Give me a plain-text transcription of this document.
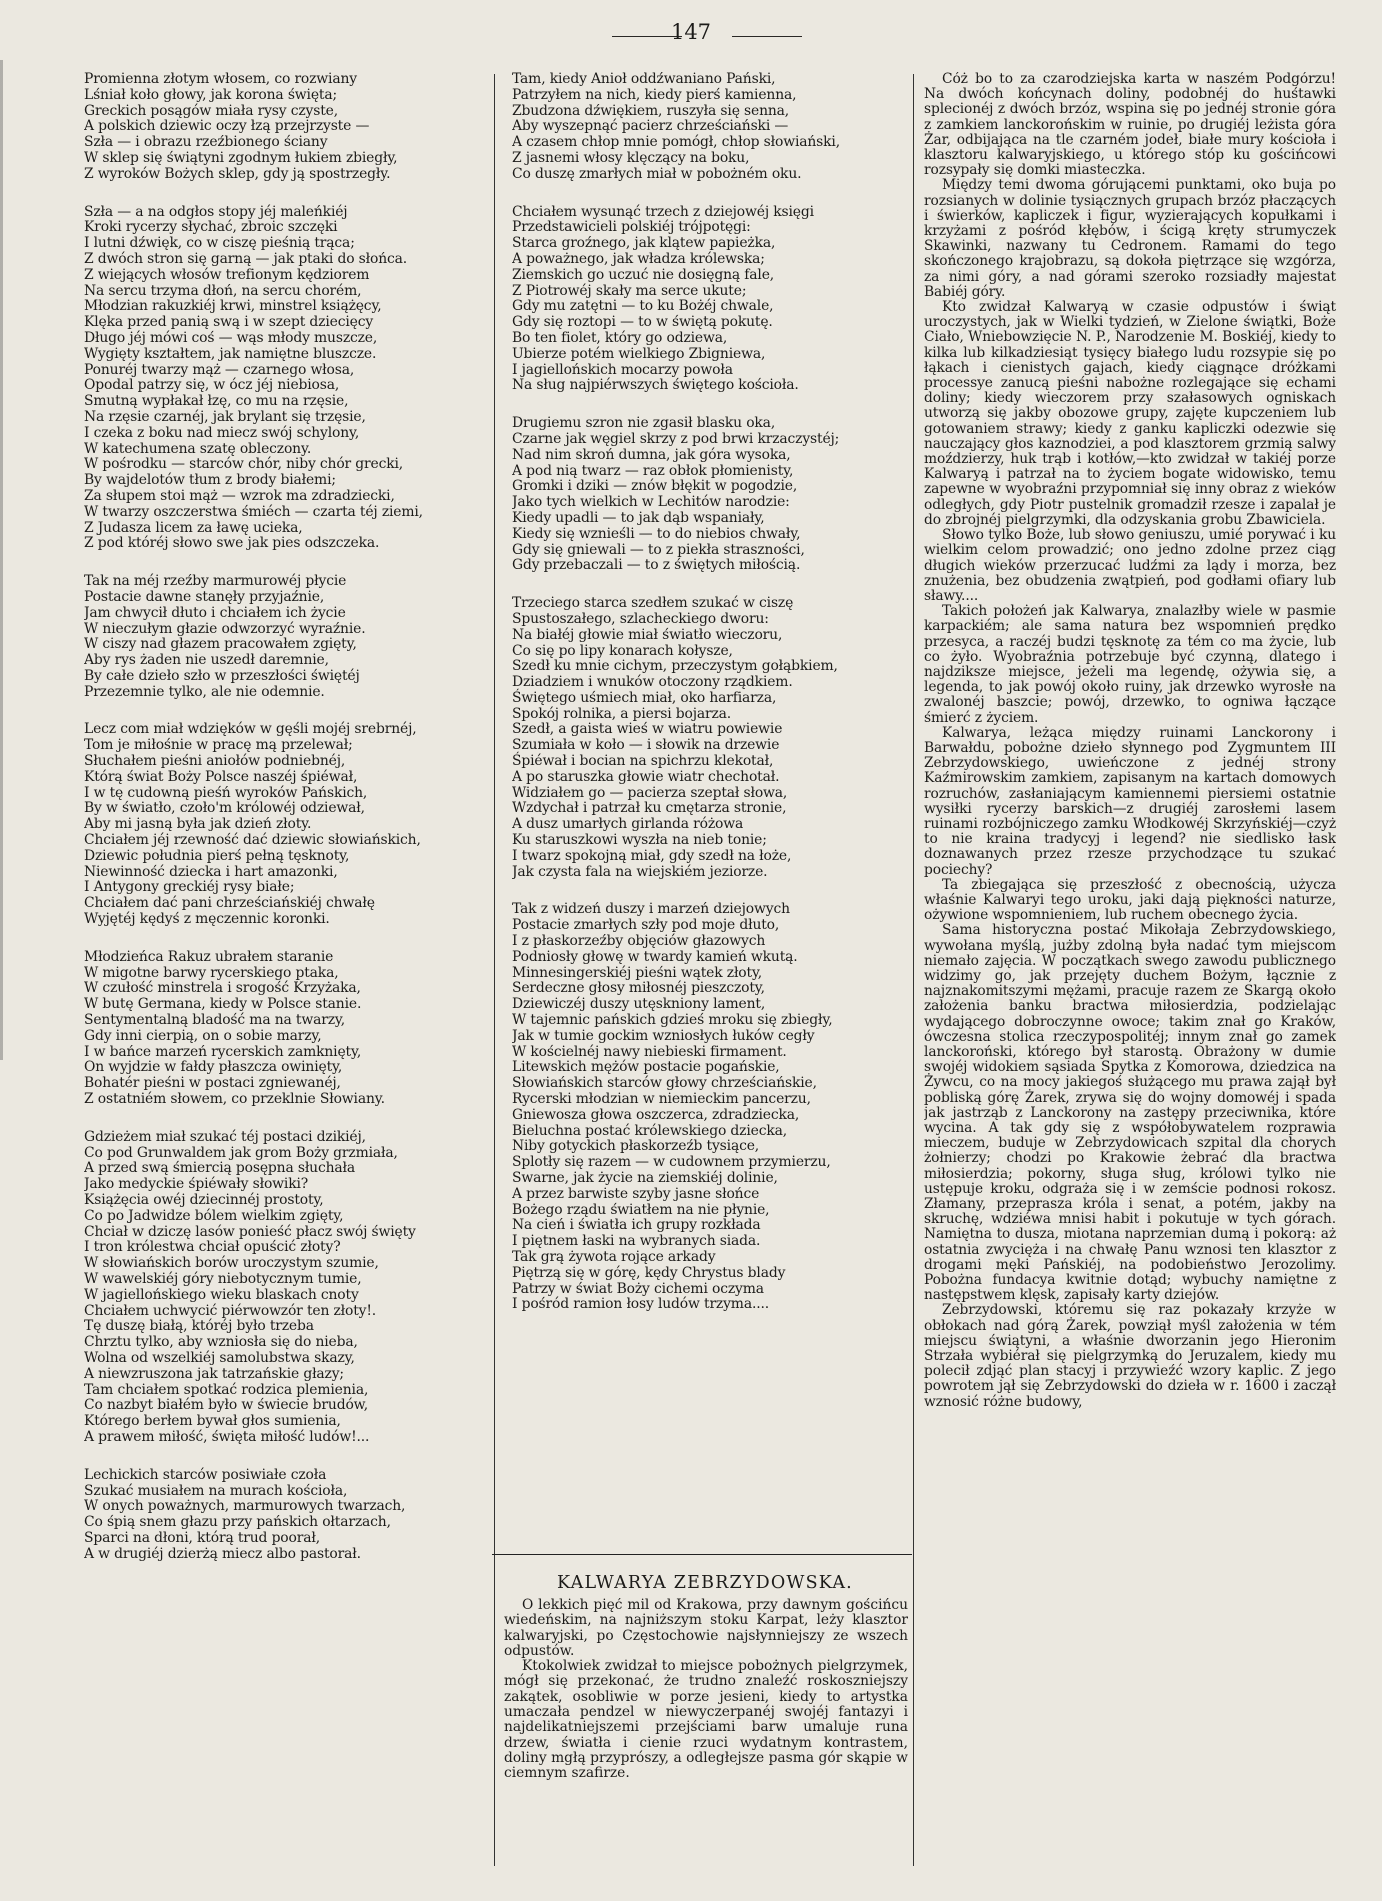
147
Promienna złotym włosem, co rozwiany
Lśniał koło głowy, jak korona święta;
Greckich posągów miała rysy czyste,
A polskich dziewic oczy łzą przejrzyste —
Szła — i obrazu rzeźbionego ściany
W sklep się świątyni zgodnym łukiem zbiegły,
Z wyroków Bożych sklep, gdy ją spostrzegły.
Szła — a na odgłos stopy jéj maleńkiéj
Kroki rycerzy słychać, zbroic szczęki
I lutni dźwięk, co w ciszę pieśnią trąca;
Z dwóch stron się garną — jak ptaki do słońca.
Z wiejących włosów trefionym kędziorem
Na sercu trzyma dłoń, na sercu chorém,
Młodzian rakuzkiéj krwi, minstrel książęcy,
Klęka przed panią swą i w szept dziecięcy
Długo jéj mówi coś — wąs młody muszcze,
Wygięty kształtem, jak namiętne bluszcze.
Ponuréj twarzy mąż — czarnego włosa,
Opodal patrzy się, w ócz jéj niebiosa,
Smutną wypłakał łzę, co mu na rzęsie,
Na rzęsie czarnéj, jak brylant się trzęsie,
I czeka z boku nad miecz swój schylony,
W katechumena szatę obleczony.
W pośrodku — starców chór, niby chór grecki,
By wajdelotów tłum z brody białemi;
Za słupem stoi mąż — wzrok ma zdradziecki,
W twarzy oszczerstwa śmiéch — czarta téj ziemi,
Z Judasza licem za ławę ucieka,
Z pod któréj słowo swe jak pies odszczeka.
Tak na méj rzeźby marmurowéj płycie
Postacie dawne stanęły przyjaźnie,
Jam chwycił dłuto i chciałem ich życie
W nieczułym głazie odwzorzyć wyraźnie.
W ciszy nad głazem pracowałem zgięty,
Aby rys żaden nie uszedł daremnie,
By całe dzieło szło w przeszłości świętéj
Przezemnie tylko, ale nie odemnie.
Lecz com miał wdzięków w gęśli mojéj srebrnéj,
Tom je miłośnie w pracę mą przelewał;
Słuchałem pieśni aniołów podniebnéj,
Którą świat Boży Polsce naszéj śpiéwał,
I w tę cudowną pieśń wyroków Pańskich,
By w światło, czoło'm królowéj odziewał,
Aby mi jasną była jak dzień złoty.
Chciałem jéj rzewność dać dziewic słowiańskich,
Dziewic południa pierś pełną tęsknoty,
Niewinność dziecka i hart amazonki,
I Antygony greckiéj rysy białe;
Chciałem dać pani chrześciańskiéj chwałę
Wyjętéj kędyś z męczennic koronki.
Młodzieńca Rakuz ubrałem staranie
W migotne barwy rycerskiego ptaka,
W czułość minstrela i srogość Krzyżaka,
W butę Germana, kiedy w Polsce stanie.
Sentymentalną bladość ma na twarzy,
Gdy inni cierpią, on o sobie marzy,
I w bańce marzeń rycerskich zamknięty,
On wyjdzie w fałdy płaszcza owinięty,
Bohatér pieśni w postaci zgniewanéj,
Z ostatniém słowem, co przeklnie Słowiany.
Gdzieżem miał szukać téj postaci dzikiéj,
Co pod Grunwaldem jak grom Boży grzmiała,
A przed swą śmiercią posępna słuchała
Jako medyckie śpiéwały słowiki?
Książęcia owéj dziecinnéj prostoty,
Co po Jadwidze bólem wielkim zgięty,
Chciał w dziczę lasów ponieść płacz swój święty
I tron królestwa chciał opuścić złoty?
W słowiańskich borów uroczystym szumie,
W wawelskiéj góry niebotycznym tumie,
W jagiellońskiego wieku blaskach cnoty
Chciałem uchwycić piérwowzór ten złoty!.
Tę duszę białą, któréj było trzeba
Chrztu tylko, aby wzniosła się do nieba,
Wolna od wszelkiéj samolubstwa skazy,
A niewzruszona jak tatrzańskie głazy;
Tam chciałem spotkać rodzica plemienia,
Co nazbyt białém było w świecie brudów,
Którego berłem bywał głos sumienia,
A prawem miłość, święta miłość ludów!...
Lechickich starców posiwiałe czoła
Szukać musiałem na murach kościoła,
W onych poważnych, marmurowych twarzach,
Co śpią snem głazu przy pańskich ołtarzach,
Sparci na dłoni, którą trud poorał,
A w drugiéj dzierżą miecz albo pastorał.
Tam, kiedy Anioł oddźwaniano Pański,
Patrzyłem na nich, kiedy pierś kamienna,
Zbudzona dźwiękiem, ruszyła się senna,
Aby wyszepnąć pacierz chrześciański —
A czasem chłop mnie pomógł, chłop słowiański,
Z jasnemi włosy klęczący na boku,
Co duszę zmarłych miał w pobożném oku.
Chciałem wysunąć trzech z dziejowéj księgi
Przedstawicieli polskiéj trójpotęgi:
Starca groźnego, jak klątew papieżka,
A poważnego, jak władza królewska;
Ziemskich go uczuć nie dosięgną fale,
Z Piotrowéj skały ma serce ukute;
Gdy mu zatętni — to ku Bożéj chwale,
Gdy się roztopi — to w świętą pokutę.
Bo ten fiolet, który go odziewa,
Ubierze potém wielkiego Zbigniewa,
I jagiellońskich mocarzy powoła
Na sług najpiérwszych świętego kościoła.
Drugiemu szron nie zgasił blasku oka,
Czarne jak węgiel skrzy z pod brwi krzaczystéj;
Nad nim skroń dumna, jak góra wysoka,
A pod nią twarz — raz obłok płomienisty,
Gromki i dziki — znów błękit w pogodzie,
Jako tych wielkich w Lechitów narodzie:
Kiedy upadli — to jak dąb wspaniały,
Kiedy się wznieśli — to do niebios chwały,
Gdy się gniewali — to z piekła straszności,
Gdy przebaczali — to z świętych miłością.
Trzeciego starca szedłem szukać w ciszę
Spustoszałego, szlacheckiego dworu:
Na białéj głowie miał światło wieczoru,
Co się po lipy konarach kołysze,
Szedł ku mnie cichym, przeczystym gołąbkiem,
Dziadziem i wnuków otoczony rządkiem.
Świętego uśmiech miał, oko harfiarza,
Spokój rolnika, a piersi bojarza.
Szedł, a gaista wieś w wiatru powiewie
Szumiała w koło — i słowik na drzewie
Śpiéwał i bocian na spichrzu klekotał,
A po staruszka głowie wiatr chechotał.
Widziałem go — pacierza szeptał słowa,
Wzdychał i patrzał ku cmętarza stronie,
A dusz umarłych girlanda różowa
Ku staruszkowi wyszła na nieb tonie;
I twarz spokojną miał, gdy szedł na łoże,
Jak czysta fala na wiejskiém jeziorze.
Tak z widzeń duszy i marzeń dziejowych
Postacie zmarłych szły pod moje dłuto,
I z płaskorzeźby objęciów głazowych
Podniosły głowę w twardy kamień wkutą.
Minnesingerskiéj pieśni wątek złoty,
Serdeczne głosy miłosnéj pieszczoty,
Dziewiczéj duszy utęskniony lament,
W tajemnic pańskich gdzieś mroku się zbiegły,
Jak w tumie gockim wzniosłych łuków cegły
W kościelnéj nawy niebieski firmament.
Litewskich mężów postacie pogańskie,
Słowiańskich starców głowy chrześciańskie,
Rycerski młodzian w niemieckim pancerzu,
Gniewosza głowa oszczerca, zdradziecka,
Bieluchna postać królewskiego dziecka,
Niby gotyckich płaskorzeźb tysiące,
Splotły się razem — w cudownem przymierzu,
Swarne, jak życie na ziemskiéj dolinie,
A przez barwiste szyby jasne słońce
Bożego rządu światłem na nie płynie,
Na cień i światła ich grupy rozkłada
I piętnem łaski na wybranych siada.
Tak grą żywota rojące arkady
Piętrzą się w górę, kędy Chrystus blady
Patrzy w świat Boży cichemi oczyma
I pośród ramion łosy ludów trzyma....
KALWARYA ZEBRZYDOWSKA.

O lekkich pięć mil od Krakowa, przy dawnym gościńcu wiedeńskim, na najniższym stoku Karpat, leży klasztor kalwaryjski, po Częstochowie najsłynniejszy ze wszech odpustów.

Ktokolwiek zwidzał to miejsce pobożnych pielgrzymek, mógł się przekonać, że trudno znaleźć roskoszniejszy zakątek, osobliwie w porze jesieni, kiedy to artystka umaczała pendzel w niewyczerpanéj swojéj fantazyi i najdelikatniejszemi przejściami barw umaluje runa drzew, światła i cienie rzuci wydatnym kontrastem, doliny mgłą przyprószy, a odległejsze pasma gór skąpie w ciemnym szafirze.

Cóż bo to za czarodziejska karta w naszém Podgórzu! Na dwóch końcynach doliny, podobnéj do huśtawki splecionéj z dwóch brzóz, wspina się po jednéj stronie góra z zamkiem lanckorońskim w ruinie, po drugiéj leżista góra Żar, odbijająca na tle czarném jodeł, białe mury kościoła i klasztoru kalwaryjskiego, u którego stóp ku gościńcowi rozsypały się domki miasteczka.

Między temi dwoma górującemi punktami, oko buja po rozsianych w dolinie tysiącznych grupach brzóz płaczących i świerków, kapliczek i figur, wyzierających kopułkami i krzyżami z pośród kłębów, i ścigą kręty strumyczek Skawinki, nazwany tu Cedronem. Ramami do tego skończonego krajobrazu, są dokoła piętrzące się wzgórza, za nimi góry, a nad górami szeroko rozsiadły majestat Babiéj góry.

Kto zwidzał Kalwaryą w czasie odpustów i świąt uroczystych, jak w Wielki tydzień, w Zielone świątki, Boże Ciało, Wniebowzięcie N. P., Narodzenie M. Boskiéj, kiedy to kilka lub kilkadziesiąt tysięcy białego ludu rozsypie się po łąkach i cienistych gajach, kiedy ciągnące dróżkami processye zanucą pieśni nabożne rozlegające się echami doliny; kiedy wieczorem przy szałasowych ogniskach utworzą się jakby obozowe grupy, zajęte kupczeniem lub gotowaniem strawy; kiedy z ganku kapliczki odezwie się nauczający głos kaznodziei, a pod klasztorem grzmią salwy moździerzy, huk trąb i kotłów,—kto zwidzał w takiéj porze Kalwaryą i patrzał na to życiem bogate widowisko, temu zapewne w wyobraźni przypomniał się inny obraz z wieków odległych, gdy Piotr pustelnik gromadził rzesze i zapalał je do zbrojnéj pielgrzymki, dla odzyskania grobu Zbawiciela.

Słowo tylko Boże, lub słowo geniuszu, umié porywać i ku wielkim celom prowadzić; ono jedno zdolne przez ciąg długich wieków przerzucać ludźmi za lądy i morza, bez znużenia, bez obudzenia zwątpień, pod godłami ofiary lub sławy....

Takich położeń jak Kalwarya, znalazłby wiele w pasmie karpackiém; ale sama natura bez wspomnień prędko przesyca, a raczéj budzi tęsknotę za tém co ma życie, lub co żyło. Wyobraźnia potrzebuje być czynną, dlatego i najdziksze miejsce, jeżeli ma legendę, ożywia się, a legenda, to jak powój około ruiny, jak drzewko wyrosłe na zwalonéj baszcie; powój, drzewko, to ogniwa łączące śmierć z życiem.

Kalwarya, leżąca między ruinami Lanckorony i Barwałdu, pobożne dzieło słynnego pod Zygmuntem III Zebrzydowskiego, uwieńczone z jednéj strony Kaźmirowskim zamkiem, zapisanym na kartach domowych rozruchów, zasłaniającym kamiennemi piersiemi ostatnie wysiłki rycerzy barskich—z drugiéj zarosłemi lasem ruinami rozbójniczego zamku Włodkowéj Skrzyńskiéj—czyż to nie kraina tradycyj i legend? nie siedlisko łask doznawanych przez rzesze przychodzące tu szukać pociechy?

Ta zbiegająca się przeszłość z obecnością, użycza właśnie Kalwaryi tego uroku, jaki dają piękności naturze, ożywione wspomnieniem, lub ruchem obecnego życia.

Sama historyczna postać Mikołaja Zebrzydowskiego, wywołana myślą, jużby zdolną była nadać tym miejscom niemało zajęcia. W początkach swego zawodu publicznego widzimy go, jak przejęty duchem Bożym, łącznie z najznakomitszymi mężami, pracuje razem ze Skargą około założenia banku bractwa miłosierdzia, podzielając wydającego dobroczynne owoce; takim znał go Kraków, ówczesna stolica rzeczypospolitéj; innym znał go zamek lanckoroński, którego był starostą. Obrażony w dumie swojéj widokiem sąsiada Spytka z Komorowa, dziedzica na Żywcu, co na mocy jakiegoś służącego mu prawa zajął był pobliską górę Żarek, zrywa się do wojny domowéj i spada jak jastrząb z Lanckorony na zastępy przeciwnika, które wycina. A tak gdy się z współobywatelem rozprawia mieczem, buduje w Zebrzydowicach szpital dla chorych żołnierzy; chodzi po Krakowie żebrać dla bractwa miłosierdzia; pokorny, sługa sług, królowi tylko nie ustępuje kroku, odgraża się i w zemście podnosi rokosz. Złamany, przeprasza króla i senat, a potém, jakby na skruchę, wdziéwa mnisi habit i pokutuje w tych górach. Namiętna to dusza, miotana naprzemian dumą i pokorą: aż ostatnia zwycięża i na chwałę Panu wznosi ten klasztor z drogami męki Pańskiéj, na podobieństwo Jerozolimy. Pobożna fundacya kwitnie dotąd; wybuchy namiętne z następstwem klęsk, zapisały karty dziejów.

Zebrzydowski, któremu się raz pokazały krzyże w obłokach nad górą Żarek, powziął myśl założenia w tém miejscu świątyni, a właśnie dworzanin jego Hieronim Strzała wybiérał się pielgrzymką do Jeruzalem, kiedy mu polecił zdjąć plan stacyj i przywieźć wzory kaplic. Z jego powrotem jął się Zebrzydowski do dzieła w r. 1600 i zaczął wznosić różne budowy,
